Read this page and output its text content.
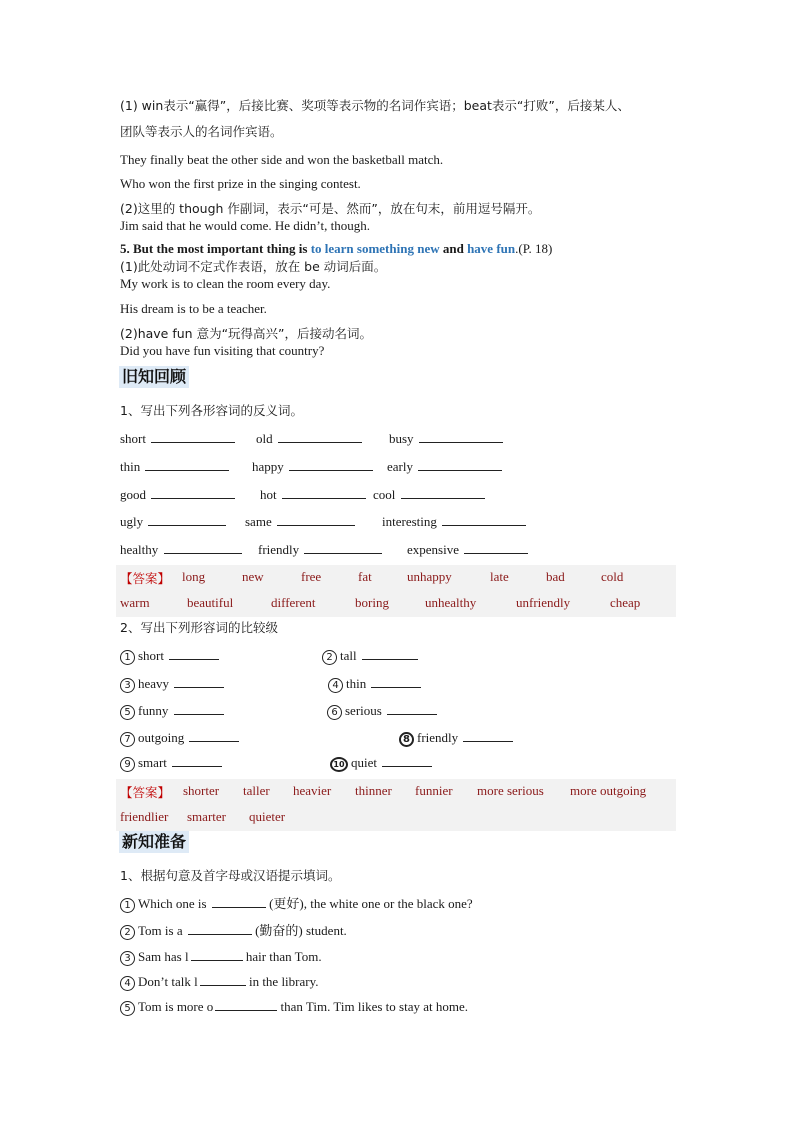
(1) win表示“赢得”，后接比赛、奖项等表示物的名词作宾语；beat表示“打败”，后接某人、
团队等表示人的名词作宾语。
They finally beat the other side and won the basketball match.
Who won the first prize in the singing contest.
(2)这里的 though 作副词，表示“可是、然而”，放在句末，前用逗号隔开。
Jim said that he would come. He didn’t, though.
5. But the most important thing is to learn something new and have fun.(P. 18)
(1)此处动词不定式作表语，放在 be 动词后面。
My work is to clean the room every day.
His dream is to be a teacher.
(2)have fun 意为“玩得高兴”，后接动名词。
Did you have fun visiting that country?
旧知回顾
1、写出下列各形容词的反义词。
short	old	busy
thin	happy	early
good	hot	cool
ugly	same	interesting
healthy	friendly	expensive
【答案】 long	new	free	fat	unhappy	late	bad	cold
warm	beautiful	different	boring	unhealthy	unfriendly	cheap
2、写出下列形容词的比较级
1 short	2 tall
3 heavy	4 thin
5 funny	6 serious
7 outgoing	8 friendly
9 smart	10 quiet
【答案】 shorter taller heavier thinner funnier more serious more outgoing
friendlier smarter quieter
新知准备
1、根据句意及首字母或汉语提示填词。
1 Which one is	(更好), the white one or the black one?
2 Tom is a	(勤奋的) student.
3 Sam has l	hair than Tom.
4 Don’t talk l	in the library.
5 Tom is more o	than Tim. Tim likes to stay at home.
